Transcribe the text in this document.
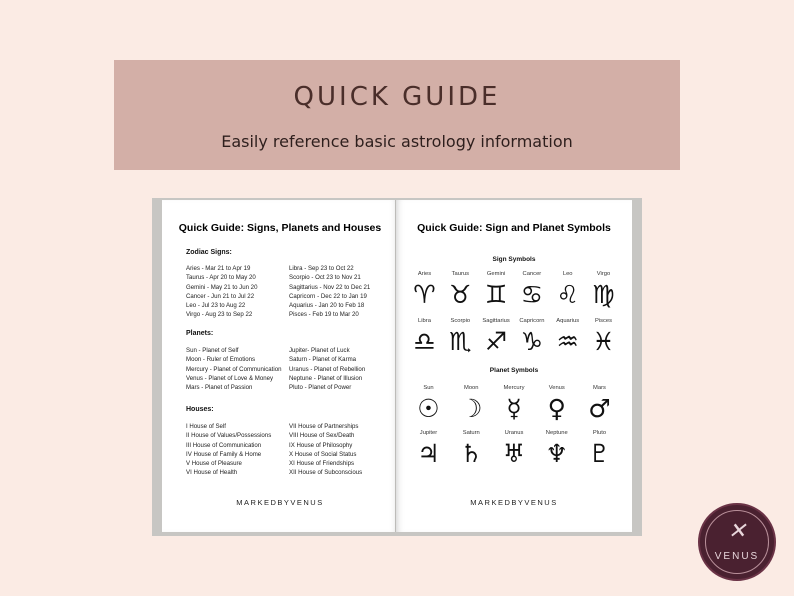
QUICK GUIDE
Easily reference basic astrology information
Quick Guide: Signs, Planets and Houses
Zodiac Signs:
Aries - Mar 21 to Apr 19
Taurus - Apr 20 to May 20
Gemini - May 21 to Jun 20
Cancer - Jun 21 to Jul 22
Leo - Jul 23 to Aug 22
Virgo - Aug 23 to Sep 22
Libra - Sep 23 to Oct 22
Scorpio - Oct 23 to Nov 21
Sagittarius - Nov 22 to Dec 21
Capricorn - Dec 22 to Jan 19
Aquarius - Jan 20 to Feb 18
Pisces - Feb 19 to Mar 20
Planets:
Sun - Planet of Self
Moon - Ruler of Emotions
Mercury - Planet of Communication
Venus - Planet of Love & Money
Mars - Planet of Passion
Jupiter- Planet of Luck
Saturn - Planet of Karma
Uranus - Planet of Rebellion
Neptune - Planet of Illusion
Pluto - Planet of Power
Houses:
I House of Self
II House of Values/Possessions
III House of Communication
IV House of Family & Home
V House of Pleasure
VI House of Health
VII House of Partnerships
VIII House of Sex/Death
IX House of Philosophy
X House of Social Status
XI House of Friendships
XII House of Subconscious
MARKEDBYVENUS
Quick Guide: Sign and Planet Symbols
Sign Symbols
Aries
♈︎
Taurus
♉︎
Gemini
♊︎
Cancer
♋︎
Leo
♌︎
Virgo
♍︎
Libra
♎︎
Scorpio
♏︎
Sagittarius
♐︎
Capricorn
♑︎
Aquarius
♒︎
Pisces
♓︎
Planet Symbols
Sun
☉
Moon
☽
Mercury
☿
Venus
♀
Mars
♂
Jupiter
♃
Saturn
♄
Uranus
♅
Neptune
♆
Pluto
♇
MARKEDBYVENUS
✕
VENUS
